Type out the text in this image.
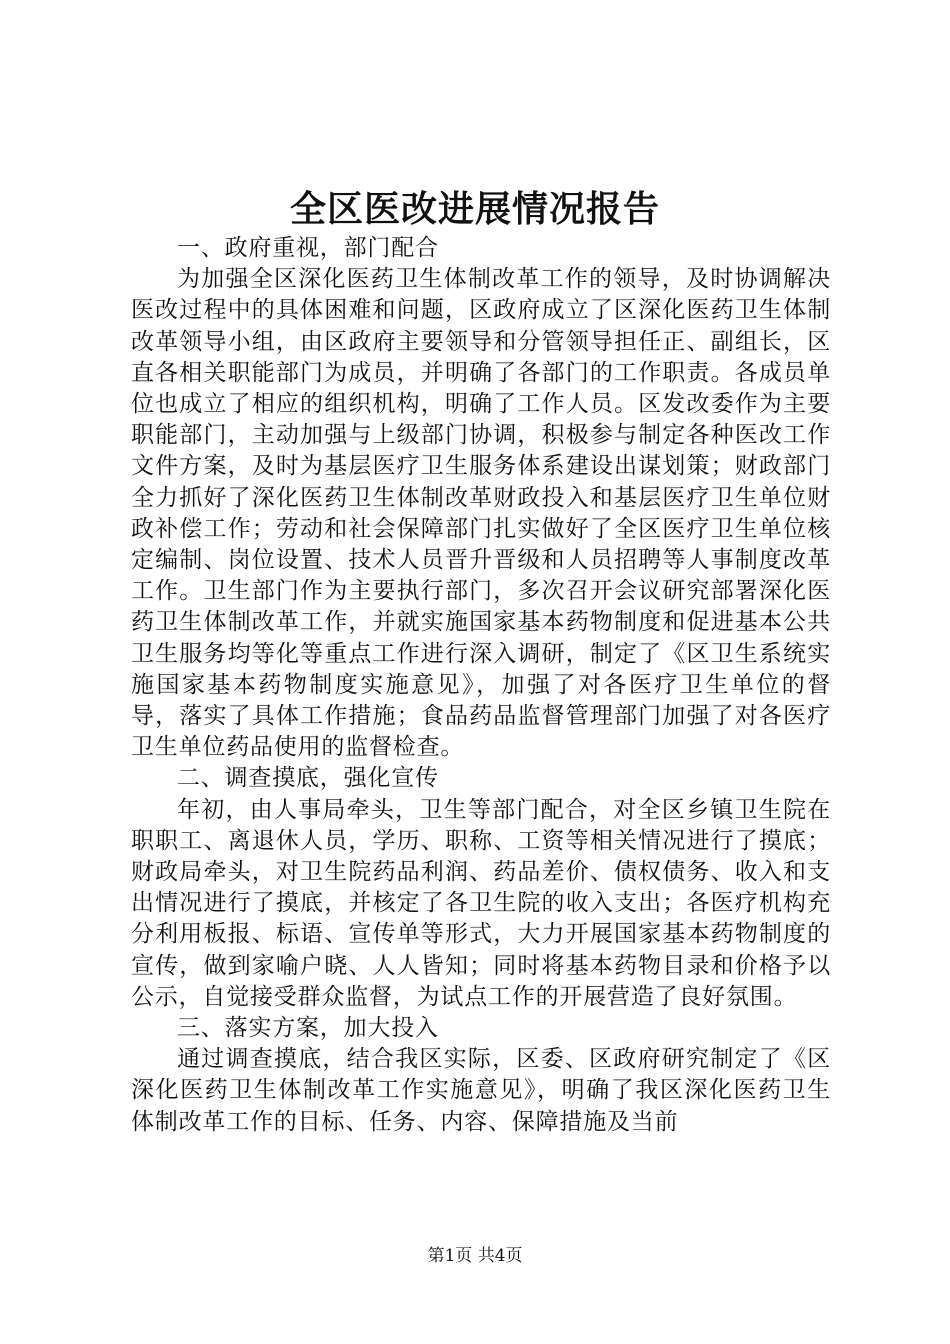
全区医改进展情况报告

一、政府重视，部门配合

为加强全区深化医药卫生体制改革工作的领导，及时协调解决医改过程中的具体困难和问题，区政府成立了区深化医药卫生体制改革领导小组，由区政府主要领导和分管领导担任正、副组长，区直各相关职能部门为成员，并明确了各部门的工作职责。各成员单位也成立了相应的组织机构，明确了工作人员。区发改委作为主要职能部门，主动加强与上级部门协调，积极参与制定各种医改工作文件方案，及时为基层医疗卫生服务体系建设出谋划策；财政部门全力抓好了深化医药卫生体制改革财政投入和基层医疗卫生单位财政补偿工作；劳动和社会保障部门扎实做好了全区医疗卫生单位核定编制、岗位设置、技术人员晋升晋级和人员招聘等人事制度改革工作。卫生部门作为主要执行部门，多次召开会议研究部署深化医药卫生体制改革工作，并就实施国家基本药物制度和促进基本公共卫生服务均等化等重点工作进行深入调研，制定了《区卫生系统实施国家基本药物制度实施意见》，加强了对各医疗卫生单位的督导，落实了具体工作措施；食品药品监督管理部门加强了对各医疗卫生单位药品使用的监督检查。

二、调查摸底，强化宣传

年初，由人事局牵头，卫生等部门配合，对全区乡镇卫生院在职职工、离退休人员，学历、职称、工资等相关情况进行了摸底；财政局牵头，对卫生院药品利润、药品差价、债权债务、收入和支出情况进行了摸底，并核定了各卫生院的收入支出；各医疗机构充分利用板报、标语、宣传单等形式，大力开展国家基本药物制度的宣传，做到家喻户晓、人人皆知；同时将基本药物目录和价格予以公示，自觉接受群众监督，为试点工作的开展营造了良好氛围。

三、落实方案，加大投入

通过调查摸底，结合我区实际，区委、区政府研究制定了《区深化医药卫生体制改革工作实施意见》，明确了我区深化医药卫生体制改革工作的目标、任务、内容、保障措施及当前

第1页 共4页
